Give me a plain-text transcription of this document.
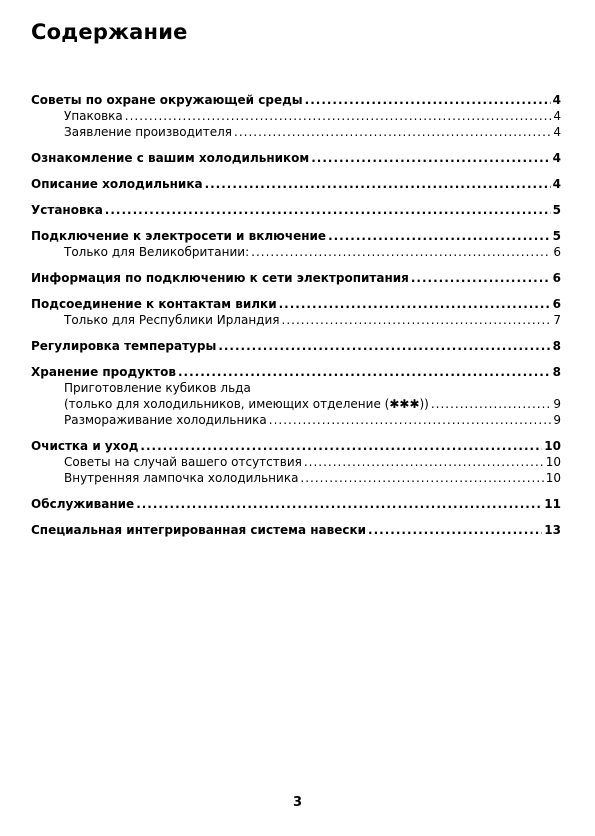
Содержание
Советы по охране окружающей среды .....	4
Упаковка .....	4
Заявление производителя .....	4
Ознакомление с вашим холодильником .....	4
Описание холодильника .....	4
Установка .....	5
Подключение к электросети и включение .....	5
Только для Великобритании: .....	6
Информация по подключению к сети электропитания .....	6
Подсоединение к контактам вилки .....	6
Только для Республики Ирландия .....	7
Регулировка температуры .....	8
Хранение продуктов .....	8
Приготовление кубиков льда
(только для холодильников, имеющих отделение (✱✱✱)) .....	9
Размораживание холодильника .....	9
Очистка и уход .....	10
Советы на случай вашего отсутствия .....	10
Внутренняя лампочка холодильника .....	10
Обслуживание .....	11
Специальная интегрированная система навески .....	13
3
